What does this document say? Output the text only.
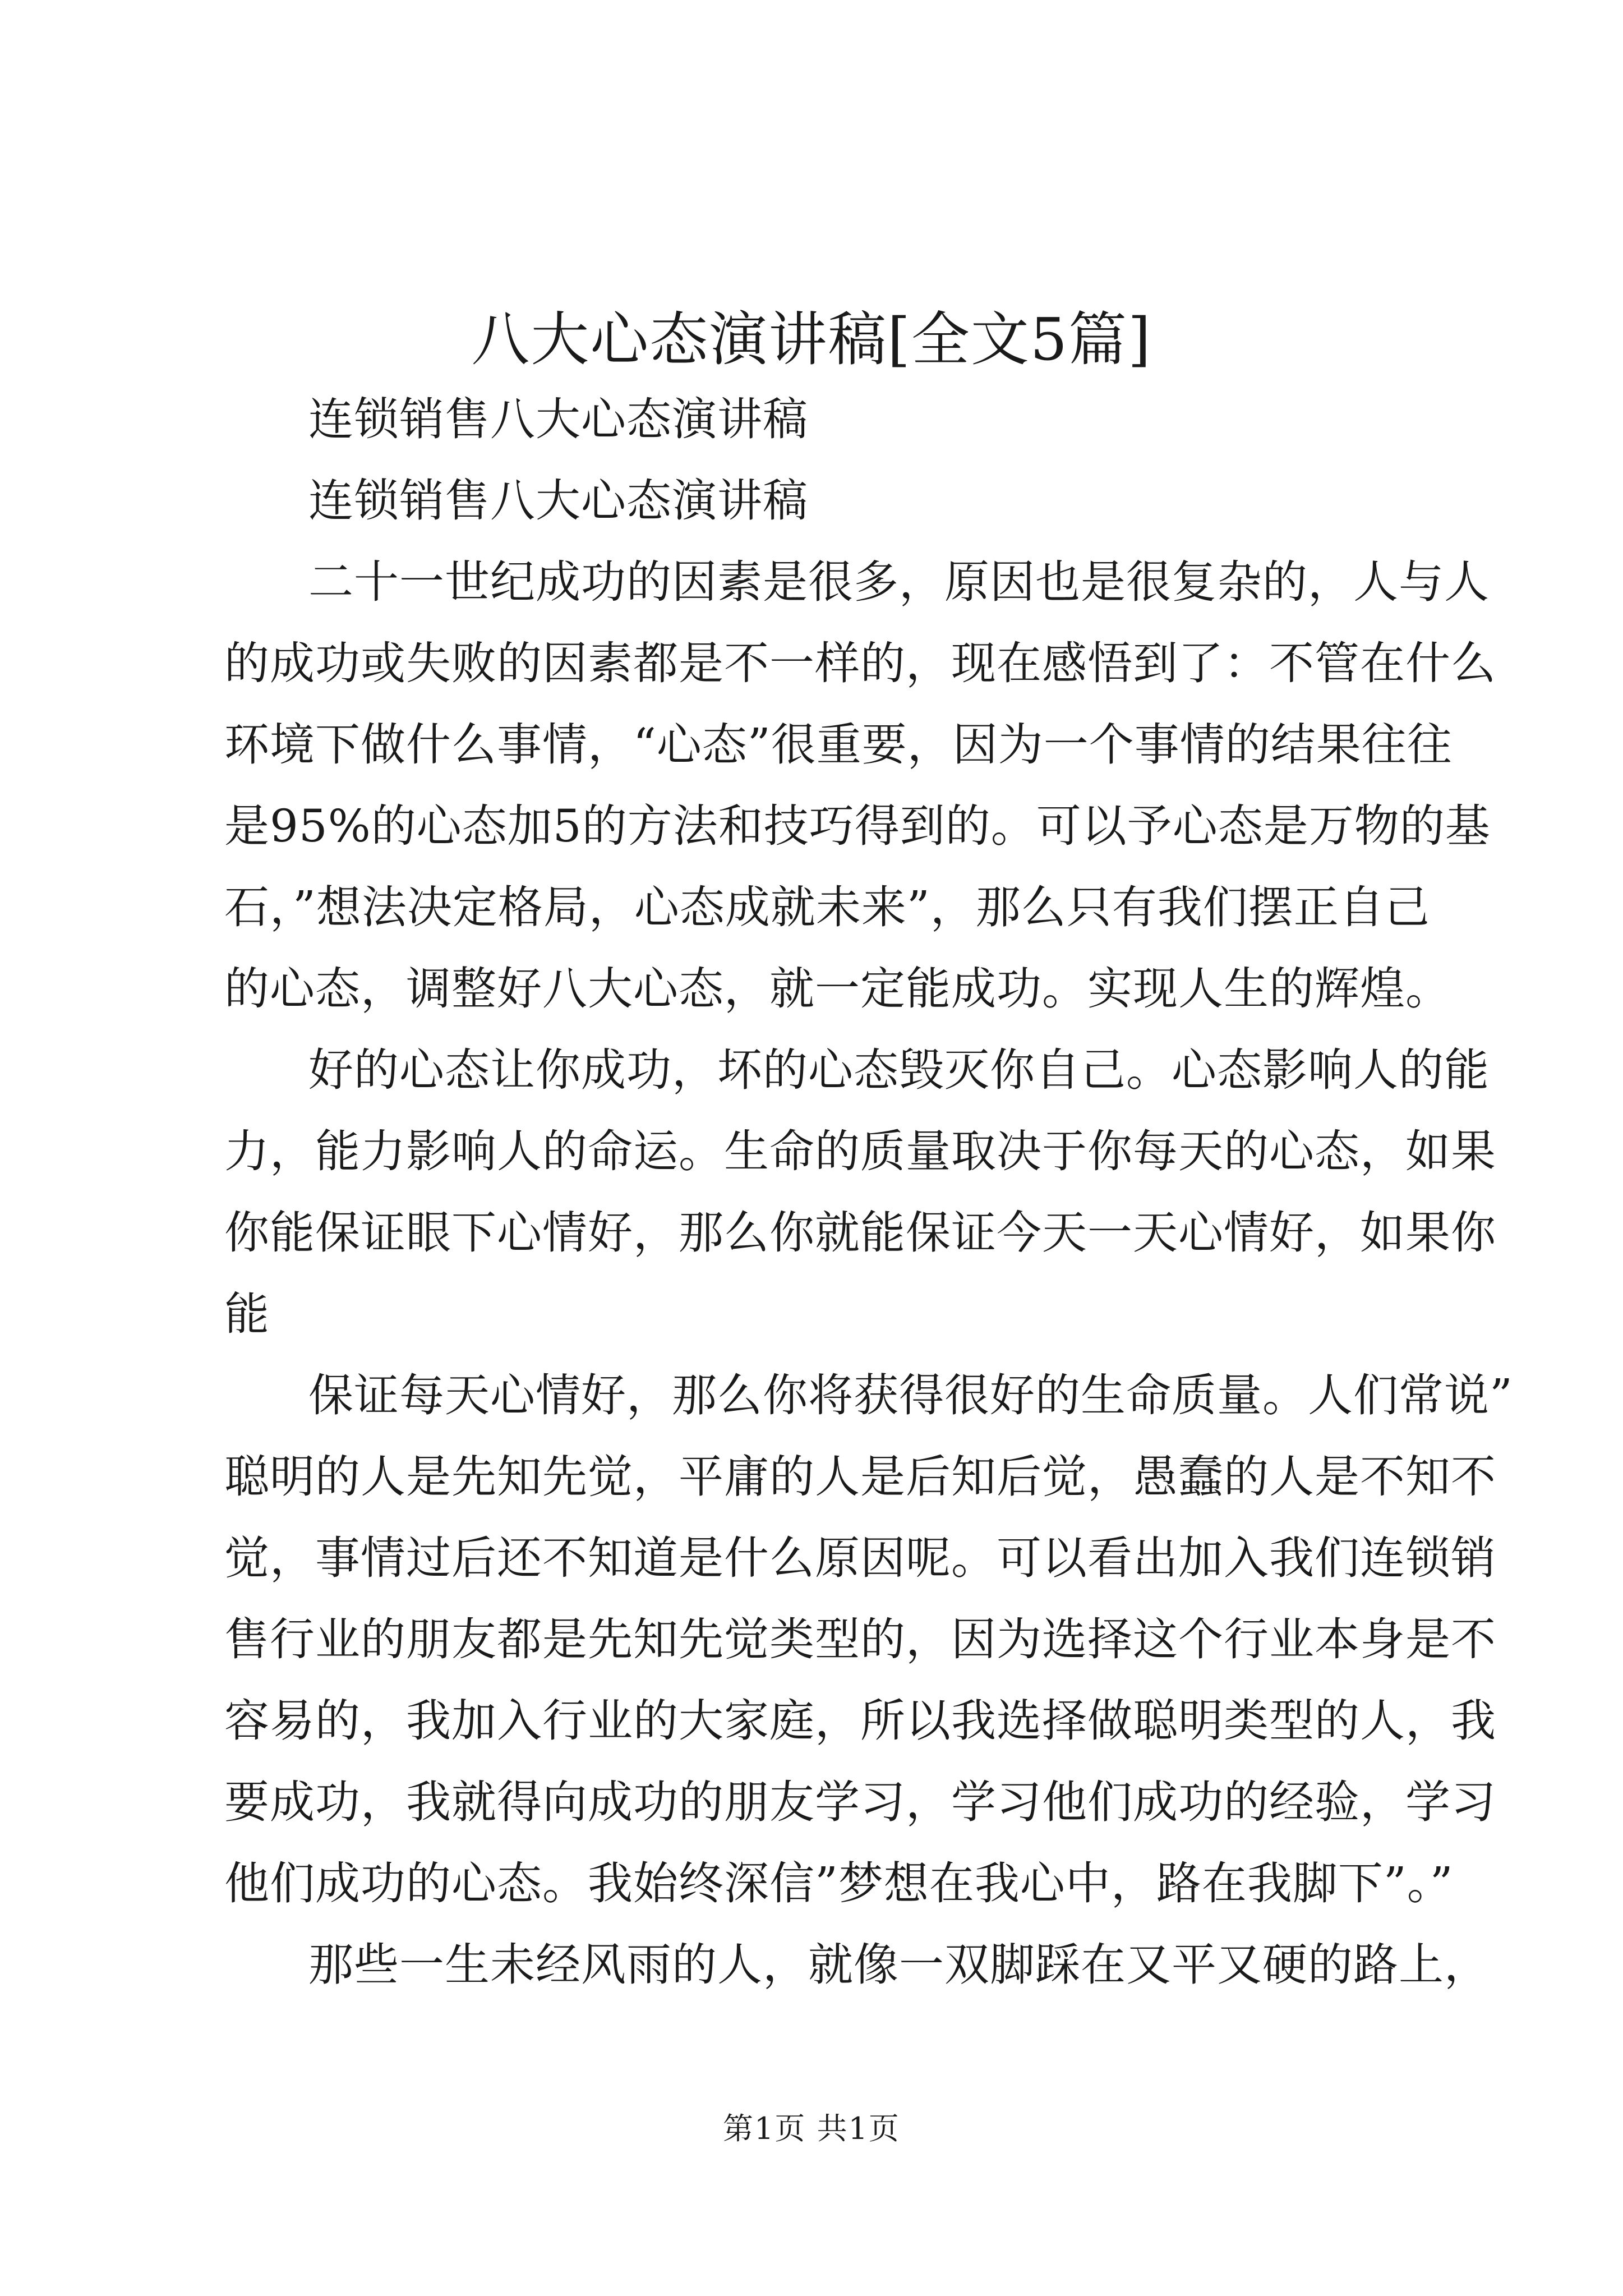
八大心态演讲稿[全文5篇]
连锁销售八大心态演讲稿
连锁销售八大心态演讲稿
二十一世纪成功的因素是很多，原因也是很复杂的，人与人
的成功或失败的因素都是不一样的，现在感悟到了：不管在什么
环境下做什么事情，“心态”很重要，因为一个事情的结果往往
是95%的心态加5的方法和技巧得到的。可以予心态是万物的基
石，”想法决定格局，心态成就未来”，那么只有我们摆正自己
的心态，调整好八大心态，就一定能成功。实现人生的辉煌。
好的心态让你成功，坏的心态毁灭你自己。心态影响人的能
力，能力影响人的命运。生命的质量取决于你每天的心态，如果
你能保证眼下心情好，那么你就能保证今天一天心情好，如果你
能
保证每天心情好，那么你将获得很好的生命质量。人们常说”
聪明的人是先知先觉，平庸的人是后知后觉，愚蠢的人是不知不
觉，事情过后还不知道是什么原因呢。可以看出加入我们连锁销
售行业的朋友都是先知先觉类型的，因为选择这个行业本身是不
容易的，我加入行业的大家庭，所以我选择做聪明类型的人，我
要成功，我就得向成功的朋友学习，学习他们成功的经验，学习
他们成功的心态。我始终深信”梦想在我心中，路在我脚下”。”
那些一生未经风雨的人，就像一双脚踩在又平又硬的路上，
第1页 共1页
